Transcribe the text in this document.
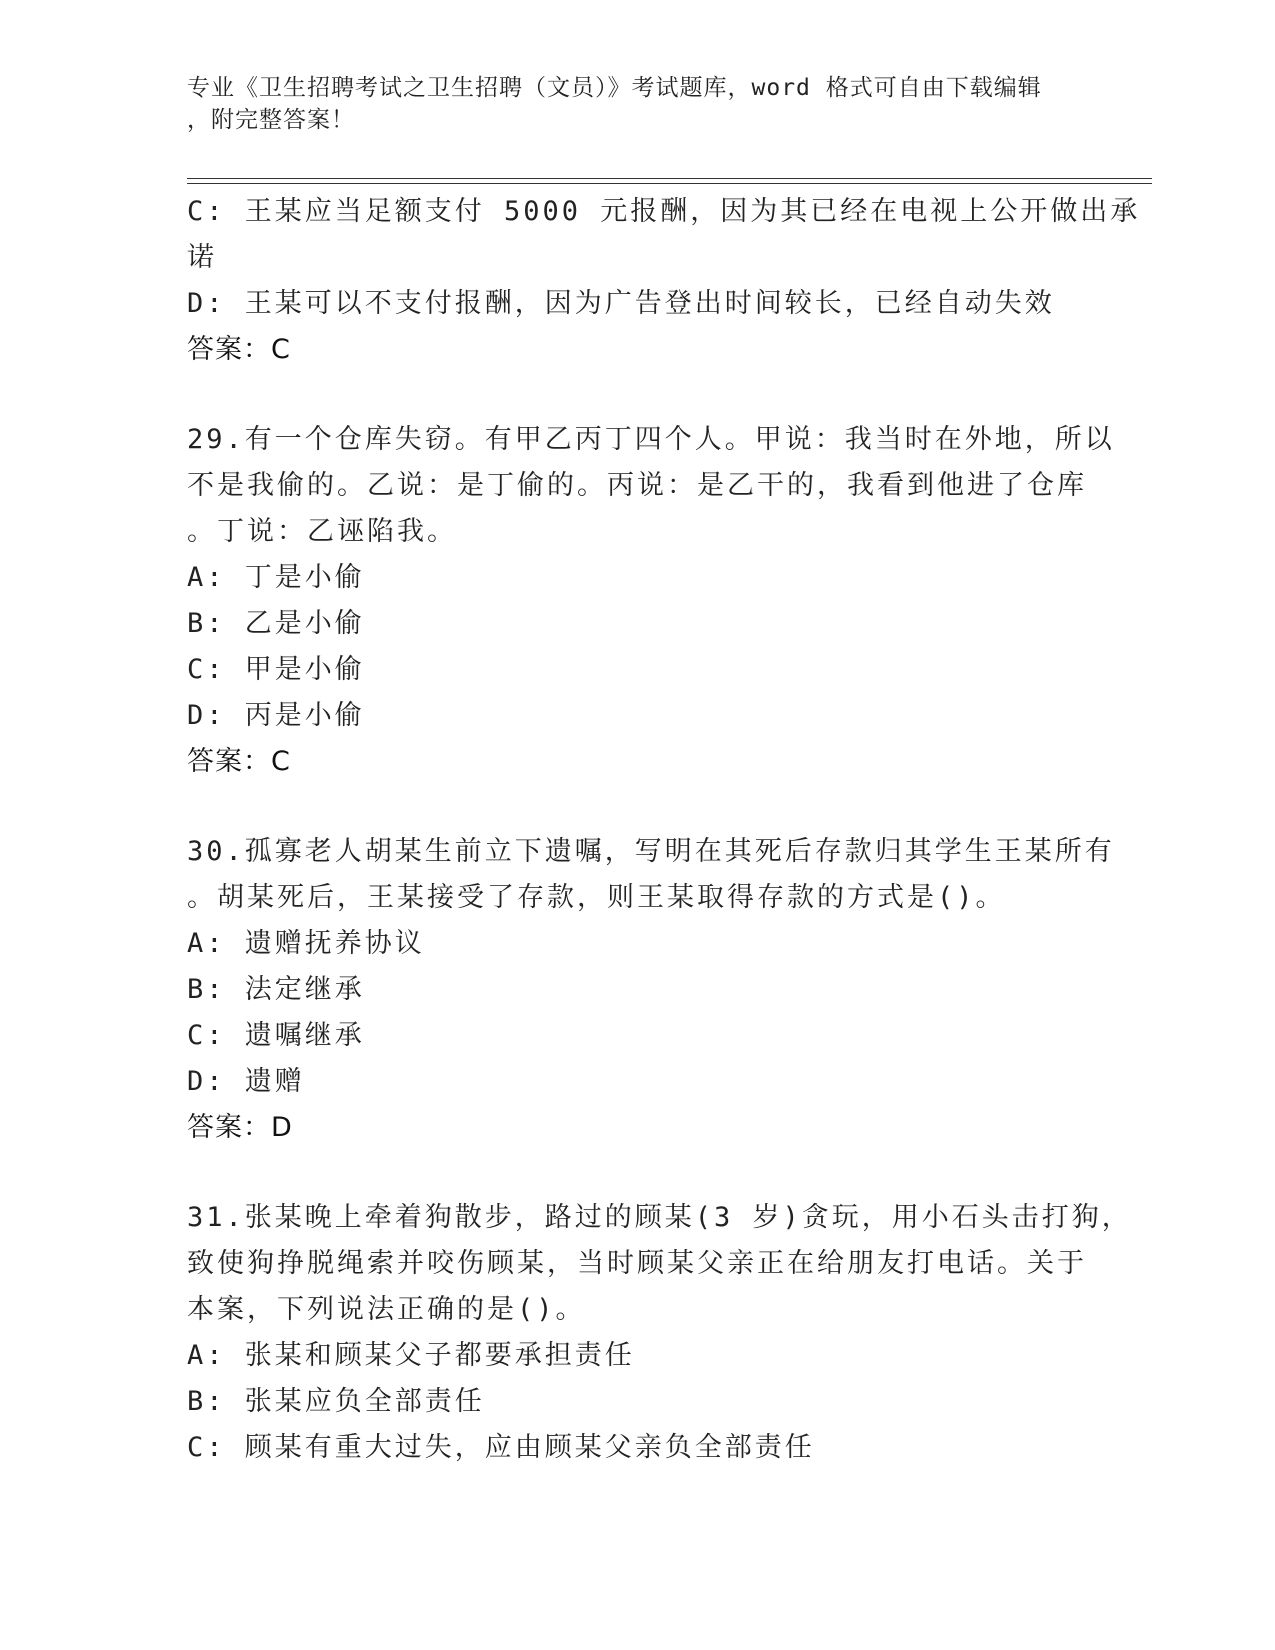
专业《卫生招聘考试之卫生招聘（文员）》考试题库，word 格式可自由下载编辑
，附完整答案！
C: 王某应当足额支付 5000 元报酬，因为其已经在电视上公开做出承
诺
D: 王某可以不支付报酬，因为广告登出时间较长，已经自动失效
答案：C
29.有一个仓库失窃。有甲乙丙丁四个人。甲说：我当时在外地，所以
不是我偷的。乙说：是丁偷的。丙说：是乙干的，我看到他进了仓库
。丁说：乙诬陷我。
A: 丁是小偷
B: 乙是小偷
C: 甲是小偷
D: 丙是小偷
答案：C
30.孤寡老人胡某生前立下遗嘱，写明在其死后存款归其学生王某所有
。胡某死后，王某接受了存款，则王某取得存款的方式是()。
A: 遗赠抚养协议
B: 法定继承
C: 遗嘱继承
D: 遗赠
答案：D
31.张某晚上牵着狗散步，路过的顾某(3 岁)贪玩，用小石头击打狗，
致使狗挣脱绳索并咬伤顾某，当时顾某父亲正在给朋友打电话。关于
本案，下列说法正确的是()。
A: 张某和顾某父子都要承担责任
B: 张某应负全部责任
C: 顾某有重大过失，应由顾某父亲负全部责任
